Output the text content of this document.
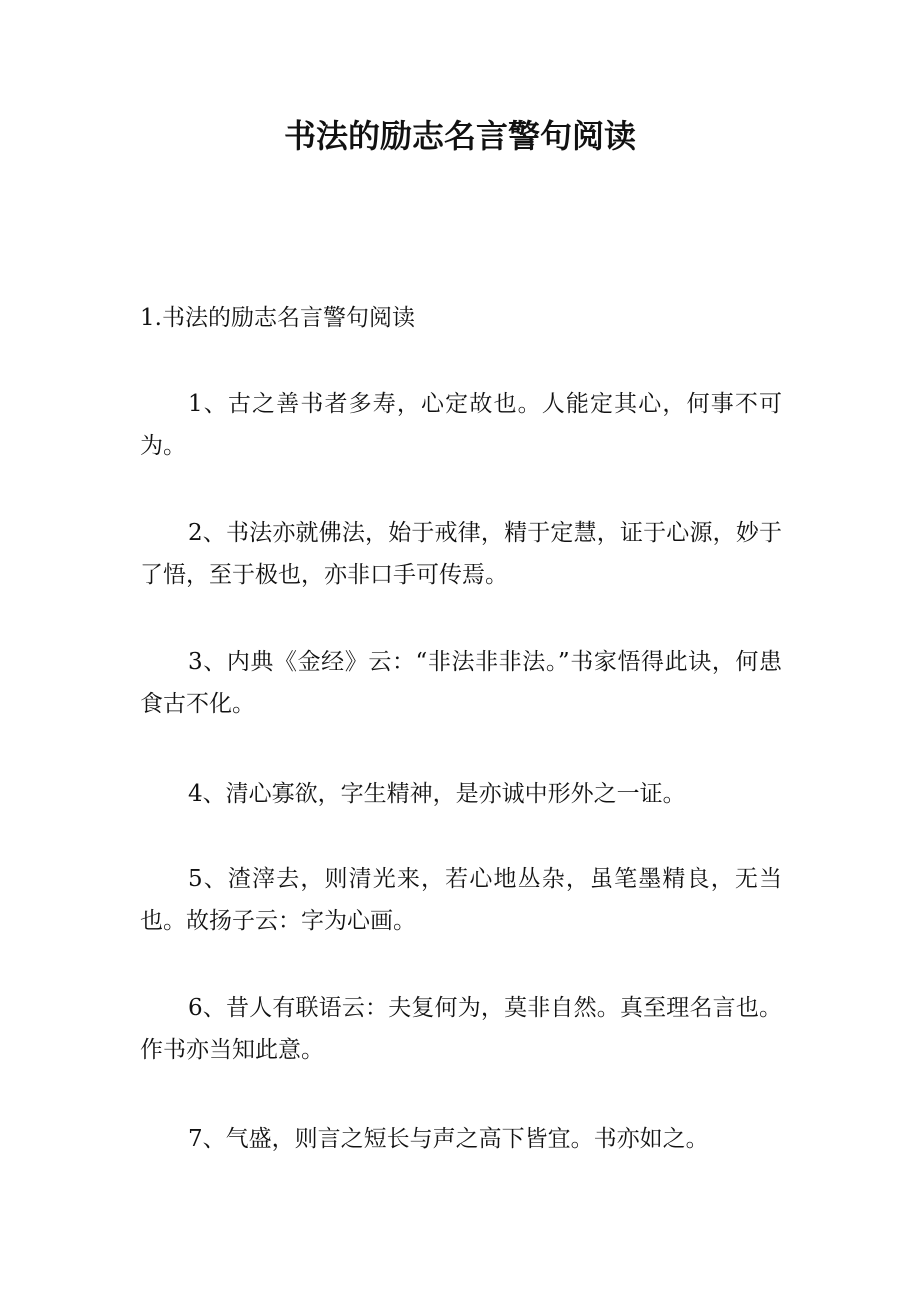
书法的励志名言警句阅读

1.书法的励志名言警句阅读

1、古之善书者多寿，心定故也。人能定其心，何事不可为。

2、书法亦就佛法，始于戒律，精于定慧，证于心源，妙于了悟，至于极也，亦非口手可传焉。

3、内典《金经》云：“非法非非法。”书家悟得此诀，何患食古不化。

4、清心寡欲，字生精神，是亦诚中形外之一证。

5、渣滓去，则清光来，若心地丛杂，虽笔墨精良，无当也。故扬子云：字为心画。

6、昔人有联语云：夫复何为，莫非自然。真至理名言也。作书亦当知此意。

7、气盛，则言之短长与声之高下皆宜。书亦如之。
